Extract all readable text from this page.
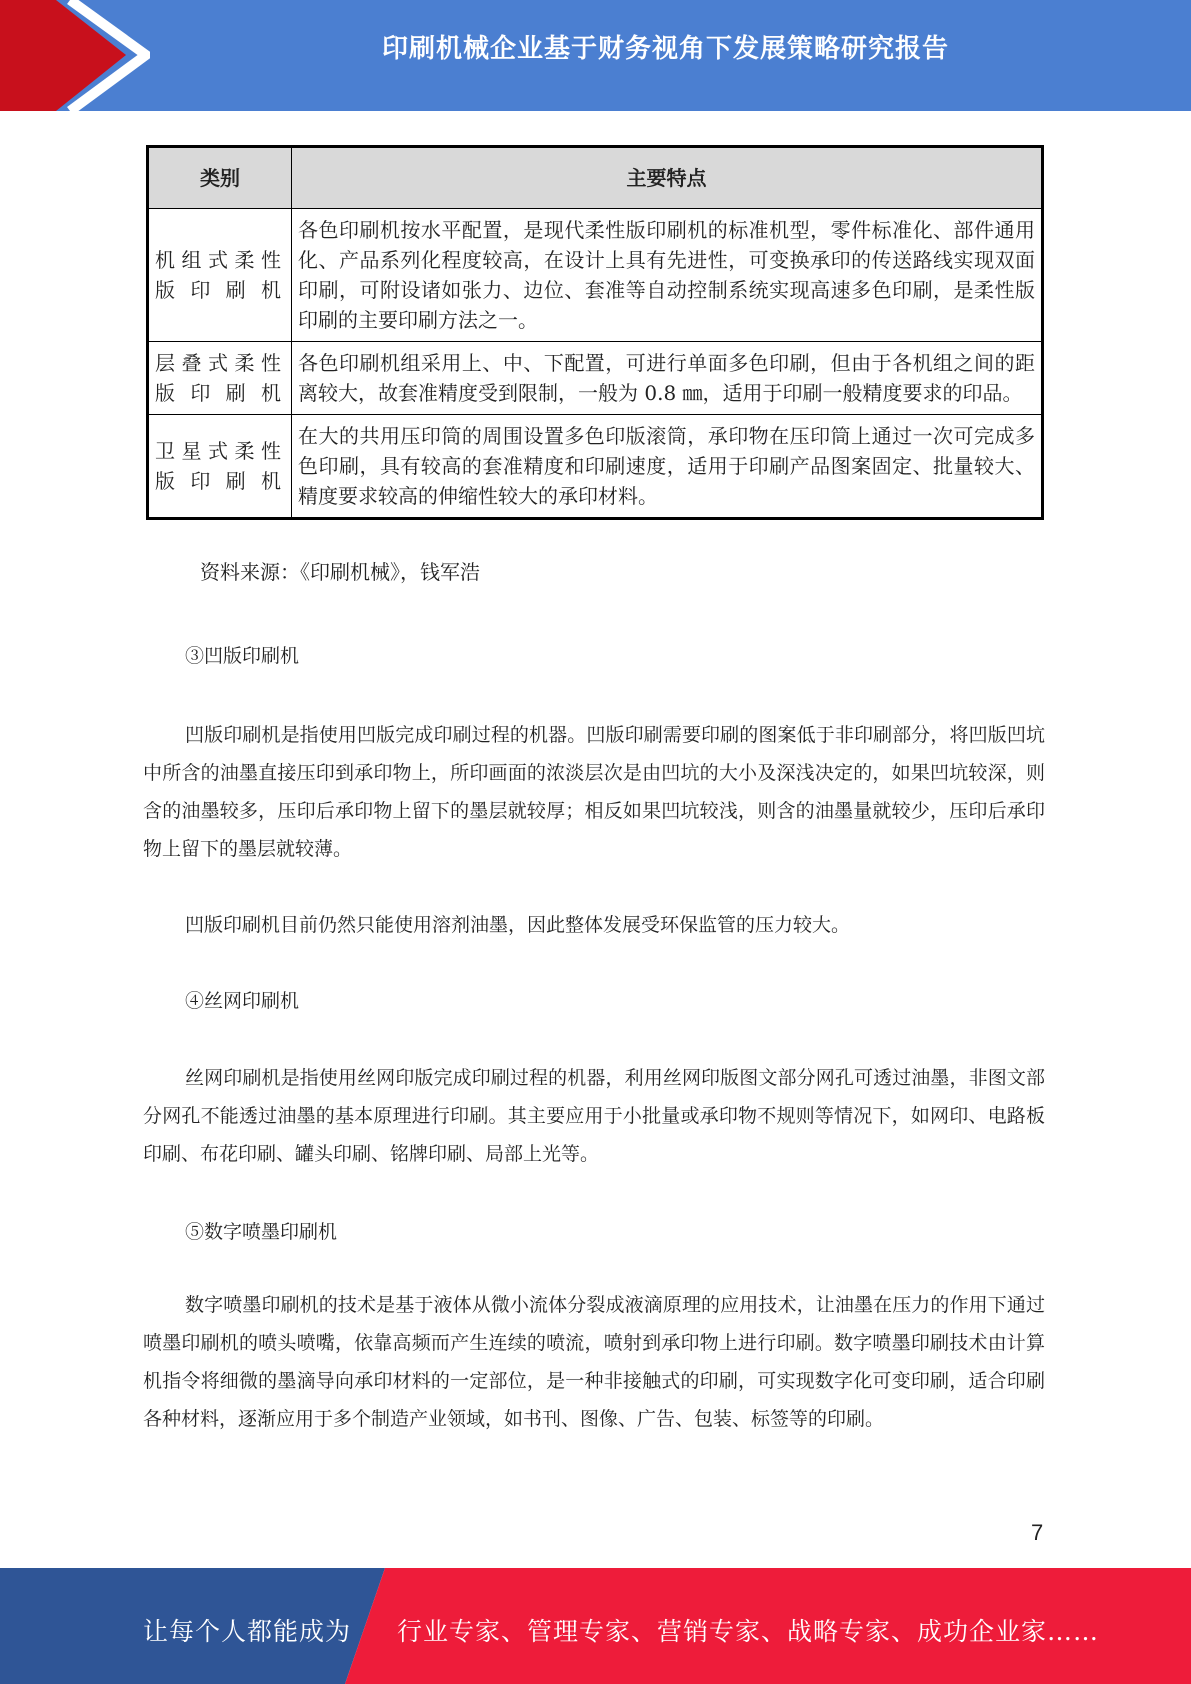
印刷机械企业基于财务视角下发展策略研究报告
类别	主要特点
机组式柔性版印刷机	各色印刷机按水平配置，是现代柔性版印刷机的标准机型，零件标准化、部件通用化、产品系列化程度较高，在设计上具有先进性，可变换承印的传送路线实现双面印刷，可附设诸如张力、边位、套准等自动控制系统实现高速多色印刷，是柔性版印刷的主要印刷方法之一。
层叠式柔性版印刷机	各色印刷机组采用上、中、下配置，可进行单面多色印刷，但由于各机组之间的距离较大，故套准精度受到限制，一般为 0.8 ㎜，适用于印刷一般精度要求的印品。
卫星式柔性版印刷机	在大的共用压印筒的周围设置多色印版滚筒，承印物在压印筒上通过一次可完成多色印刷，具有较高的套准精度和印刷速度，适用于印刷产品图案固定、批量较大、精度要求较高的伸缩性较大的承印材料。
资料来源：《印刷机械》，钱军浩

③凹版印刷机

凹版印刷机是指使用凹版完成印刷过程的机器。凹版印刷需要印刷的图案低于非印刷部分，将凹版凹坑中所含的油墨直接压印到承印物上，所印画面的浓淡层次是由凹坑的大小及深浅决定的，如果凹坑较深，则含的油墨较多，压印后承印物上留下的墨层就较厚；相反如果凹坑较浅，则含的油墨量就较少，压印后承印物上留下的墨层就较薄。

凹版印刷机目前仍然只能使用溶剂油墨，因此整体发展受环保监管的压力较大。

④丝网印刷机

丝网印刷机是指使用丝网印版完成印刷过程的机器，利用丝网印版图文部分网孔可透过油墨，非图文部分网孔不能透过油墨的基本原理进行印刷。其主要应用于小批量或承印物不规则等情况下，如网印、电路板印刷、布花印刷、罐头印刷、铭牌印刷、局部上光等。

⑤数字喷墨印刷机

数字喷墨印刷机的技术是基于液体从微小流体分裂成液滴原理的应用技术，让油墨在压力的作用下通过喷墨印刷机的喷头喷嘴，依靠高频而产生连续的喷流，喷射到承印物上进行印刷。数字喷墨印刷技术由计算机指令将细微的墨滴导向承印材料的一定部位，是一种非接触式的印刷，可实现数字化可变印刷，适合印刷各种材料，逐渐应用于多个制造产业领域，如书刊、图像、广告、包装、标签等的印刷。

7
让每个人都能成为 行业专家、管理专家、营销专家、战略专家、成功企业家……
